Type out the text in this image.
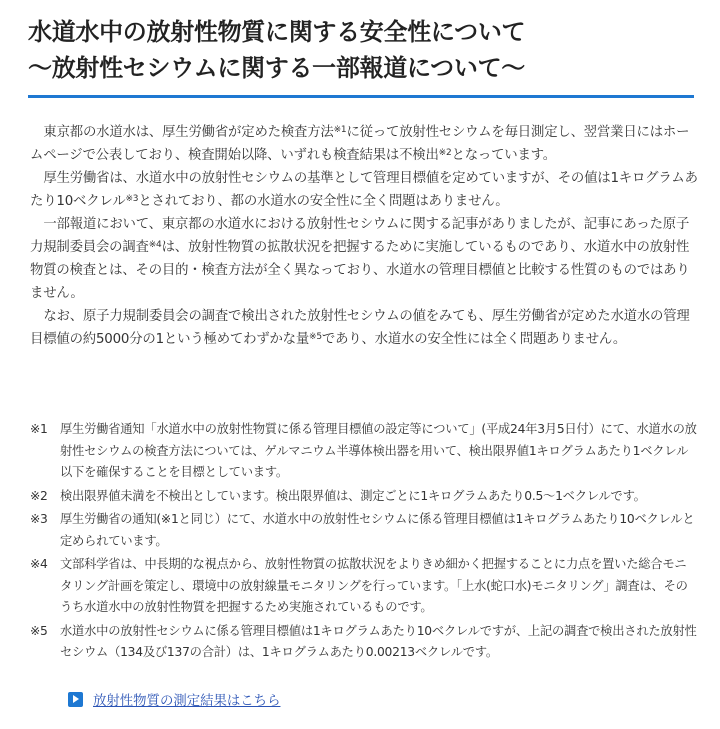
水道水中の放射性物質に関する安全性について
～放射性セシウムに関する一部報道について～

東京都の水道水は、厚生労働省が定めた検査方法$^{※1}$に従って放射性セシウムを毎日測定し、翌営業日にはホームページで公表しており、検査開始以降、いずれも検査結果は不検出$^{※2}$となっています。

厚生労働省は、水道水中の放射性セシウムの基準として管理目標値を定めていますが、その値は1キログラムあたり10ベクレル$^{※3}$とされており、都の水道水の安全性に全く問題はありません。

一部報道において、東京都の水道水における放射性セシウムに関する記事がありましたが、記事にあった原子力規制委員会の調査$^{※4}$は、放射性物質の拡散状況を把握するために実施しているものであり、水道水中の放射性物質の検査とは、その目的・検査方法が全く異なっており、水道水の管理目標値と比較する性質のものではありません。

なお、原子力規制委員会の調査で検出された放射性セシウムの値をみても、厚生労働省が定めた水道水の管理目標値の約5000分の1という極めてわずかな量$^{※5}$であり、水道水の安全性には全く問題ありません。

※1	厚生労働省通知「水道水中の放射性物質に係る管理目標値の設定等について」(平成24年3月5日付）にて、水道水の放射性セシウムの検査方法については、ゲルマニウム半導体検出器を用いて、検出限界値1キログラムあたり1ベクレル以下を確保することを目標としています。
※2	検出限界値未満を不検出としています。検出限界値は、測定ごとに1キログラムあたり0.5～1ベクレルです。
※3	厚生労働省の通知(※1と同じ）にて、水道水中の放射性セシウムに係る管理目標値は1キログラムあたり10ベクレルと定められています。
※4	文部科学省は、中長期的な視点から、放射性物質の拡散状況をよりきめ細かく把握することに力点を置いた総合モニタリング計画を策定し、環境中の放射線量モニタリングを行っています。「上水(蛇口水)モニタリング」調査は、そのうち水道水中の放射性物質を把握するため実施されているものです。
※5	水道水中の放射性セシウムに係る管理目標値は1キログラムあたり10ベクレルですが、上記の調査で検出された放射性セシウム（134及び137の合計）は、1キログラムあたり0.00213ベクレルです。
放射性物質の測定結果はこちら
